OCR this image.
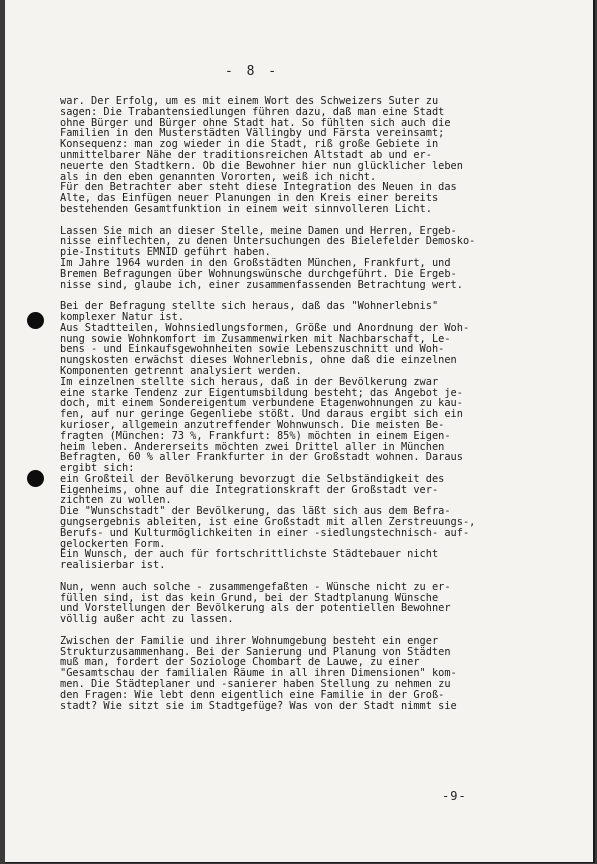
- 8 -
war. Der Erfolg, um es mit einem Wort des Schweizers Suter zu
sagen: Die Trabantensiedlungen führen dazu, daß man eine Stadt
ohne Bürger und Bürger ohne Stadt hat. So fühlten sich auch die
Familien in den Musterstädten Vällingby und Färsta vereinsamt;
Konsequenz: man zog wieder in die Stadt, riß große Gebiete in
unmittelbarer Nähe der traditionsreichen Altstadt ab und er-
neuerte den Stadtkern. Ob die Bewohner hier nun glücklicher leben
als in den eben genannten Vororten, weiß ich nicht.
Für den Betrachter aber steht diese Integration des Neuen in das
Alte, das Einfügen neuer Planungen in den Kreis einer bereits
bestehenden Gesamtfunktion in einem weit sinnvolleren Licht.
Lassen Sie mich an dieser Stelle, meine Damen und Herren, Ergeb-
nisse einflechten, zu denen Untersuchungen des Bielefelder Demosko-
pie-Instituts EMNID geführt haben.
Im Jahre 1964 wurden in den Großstädten München, Frankfurt, und
Bremen Befragungen über Wohnungswünsche durchgeführt. Die Ergeb-
nisse sind, glaube ich, einer zusammenfassenden Betrachtung wert.
Bei der Befragung stellte sich heraus, daß das "Wohnerlebnis"
komplexer Natur ist.
Aus Stadtteilen, Wohnsiedlungsformen, Größe und Anordnung der Woh-
nung sowie Wohnkomfort im Zusammenwirken mit Nachbarschaft, Le-
bens - und Einkaufsgewohnheiten sowie Lebenszuschnitt und Woh-
nungskosten erwächst dieses Wohnerlebnis, ohne daß die einzelnen
Komponenten getrennt analysiert werden.
Im einzelnen stellte sich heraus, daß in der Bevölkerung zwar
eine starke Tendenz zur Eigentumsbildung besteht; das Angebot je-
doch, mit einem Sondereigentum verbundene Etagenwohnungen zu kau-
fen, auf nur geringe Gegenliebe stößt. Und daraus ergibt sich ein
kurioser, allgemein anzutreffender Wohnwunsch. Die meisten Be-
fragten (München: 73 %, Frankfurt: 85%) möchten in einem Eigen-
heim leben. Andererseits möchten zwei Drittel aller in München
Befragten, 60 % aller Frankfurter in der Großstadt wohnen. Daraus
ergibt sich:
ein Großteil der Bevölkerung bevorzugt die Selbständigkeit des
Eigenheims, ohne auf die Integrationskraft der Großstadt ver-
zichten zu wollen.
Die "Wunschstadt" der Bevölkerung, das läßt sich aus dem Befra-
gungsergebnis ableiten, ist eine Großstadt mit allen Zerstreuungs-,
Berufs- und Kulturmöglichkeiten in einer -siedlungstechnisch- auf-
gelockerten Form.
Ein Wunsch, der auch für fortschrittlichste Städtebauer nicht
realisierbar ist.
Nun, wenn auch solche - zusammengefaßten - Wünsche nicht zu er-
füllen sind, ist das kein Grund, bei der Stadtplanung Wünsche
und Vorstellungen der Bevölkerung als der potentiellen Bewohner
völlig außer acht zu lassen.
Zwischen der Familie und ihrer Wohnumgebung besteht ein enger
Strukturzusammenhang. Bei der Sanierung und Planung von Städten
muß man, fordert der Soziologe Chombart de Lauwe, zu einer
"Gesamtschau der familialen Räume in all ihren Dimensionen" kom-
men. Die Städteplaner und -sanierer haben Stellung zu nehmen zu
den Fragen: Wie lebt denn eigentlich eine Familie in der Groß-
stadt? Wie sitzt sie im Stadtgefüge? Was von der Stadt nimmt sie
-9-
